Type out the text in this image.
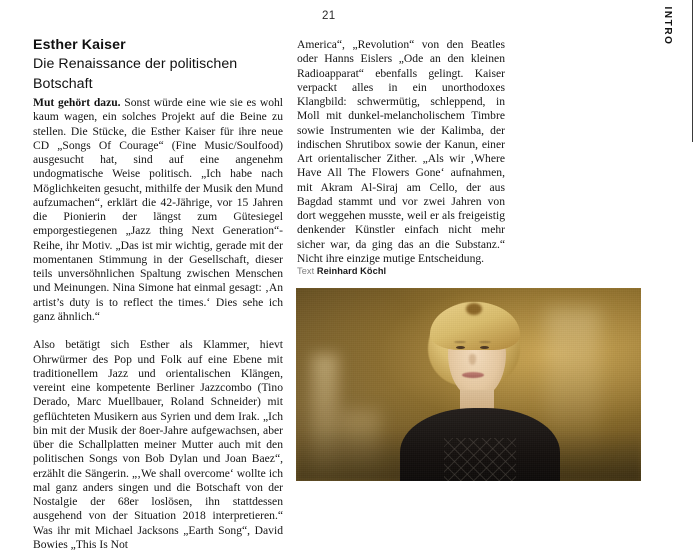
21	INTRO
Esther Kaiser
Die Renaissance der politischen Botschaft

Mut gehört dazu. Sonst würde eine wie sie es wohl kaum wagen, ein solches Projekt auf die Beine zu stellen. Die Stücke, die Esther Kaiser für ihre neue CD „Songs Of Courage“ (Fine Music/Soulfood) ausgesucht hat, sind auf eine angenehm undogmatische Weise politisch. „Ich habe nach Möglichkeiten gesucht, mithilfe der Musik den Mund aufzumachen“, erklärt die 42-Jährige, vor 15 Jahren die Pionierin der längst zum Gütesiegel emporgestiegenen „Jazz thing Next Generation“-Reihe, ihr Motiv. „Das ist mir wichtig, gerade mit der momentanen Stimmung in der Gesellschaft, dieser teils unversöhnlichen Spaltung zwischen Menschen und Meinungen. Nina Simone hat einmal gesagt: ‚An artist’s duty is to reflect the times.‘ Dies sehe ich ganz ähnlich.“

Also betätigt sich Esther als Klammer, hievt Ohrwürmer des Pop und Folk auf eine Ebene mit traditionellem Jazz und orientalischen Klängen, vereint eine kompetente Berliner Jazzcombo (Tino Derado, Marc Muellbauer, Roland Schneider) mit geflüchteten Musikern aus Syrien und dem Irak. „Ich bin mit der Musik der 8oer-Jahre aufgewachsen, aber über die Schallplatten meiner Mutter auch mit den politischen Songs von Bob Dylan und Joan Baez“, erzählt die Sängerin. „‚We shall overcome‘ wollte ich mal ganz anders singen und die Botschaft von der Nostalgie der 68er loslösen, ihn stattdessen ausgehend von der Situation 2018 interpretieren.“ Was ihr mit Michael Jacksons „Earth Song“, David Bowies „This Is Not

America“, „Revolution“ von den Beatles oder Hanns Eislers „Ode an den kleinen Radioapparat“ ebenfalls gelingt. Kaiser verpackt alles in ein unorthodoxes Klangbild: schwermütig, schleppend, in Moll mit dunkel-melancholischem Timbre sowie Instrumenten wie der Kalimba, der indischen Shrutibox sowie der Kanun, einer Art orientalischer Zither. „Als wir ‚Where Have All The Flowers Gone‘ aufnahmen, mit Akram Al-Siraj am Cello, der aus Bagdad stammt und vor zwei Jahren von dort weggehen musste, weil er als freigeistig denkender Künstler einfach nicht mehr sicher war, da ging das an die Substanz.“ Nicht ihre einzige mutige Entscheidung.

Text Reinhard Köchl
